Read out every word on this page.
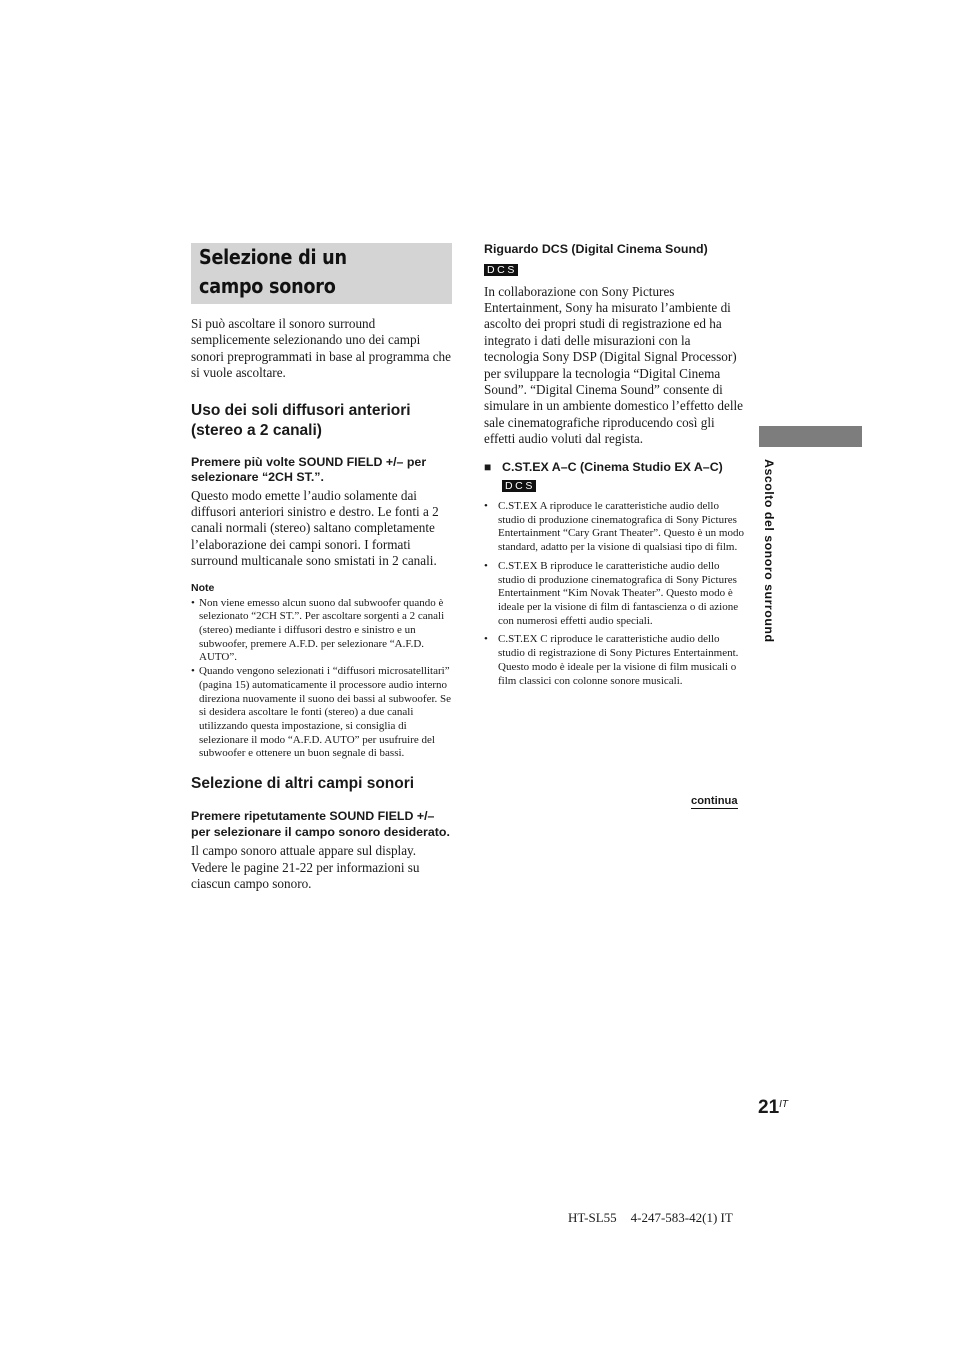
Selezione di un campo sonoro

Si può ascoltare il sonoro surround semplicemente selezionando uno dei campi sonori preprogrammati in base al programma che si vuole ascoltare.

Uso dei soli diffusori anteriori (stereo a 2 canali)

Premere più volte SOUND FIELD +/– per selezionare “2CH ST.”.

Questo modo emette l’audio solamente dai diffusori anteriori sinistro e destro. Le fonti a 2 canali normali (stereo) saltano completamente l’elaborazione dei campi sonori. I formati surround multicanale sono smistati in 2 canali.

Note

• Non viene emesso alcun suono dal subwoofer quando è selezionato “2CH ST.”. Per ascoltare sorgenti a 2 canali (stereo) mediante i diffusori destro e sinistro e un subwoofer, premere A.F.D. per selezionare “A.F.D. AUTO”.
• Quando vengono selezionati i “diffusori microsatellitari” (pagina 15) automaticamente il processore audio interno direziona nuovamente il suono dei bassi al subwoofer. Se si desidera ascoltare le fonti (stereo) a due canali utilizzando questa impostazione, si consiglia di selezionare il modo “A.F.D. AUTO” per usufruire del subwoofer e ottenere un buon segnale di bassi.

Selezione di altri campi sonori

Premere ripetutamente SOUND FIELD +/– per selezionare il campo sonoro desiderato.

Il campo sonoro attuale appare sul display. Vedere le pagine 21-22 per informazioni su ciascun campo sonoro.

Riguardo DCS (Digital Cinema Sound)

DCS

In collaborazione con Sony Pictures Entertainment, Sony ha misurato l’ambiente di ascolto dei propri studi di registrazione ed ha integrato i dati delle misurazioni con la tecnologia Sony DSP (Digital Signal Processor) per sviluppare la tecnologia “Digital Cinema Sound”. “Digital Cinema Sound” consente di simulare in un ambiente domestico l’effetto delle sale cinematografiche riproducendo così gli effetti audio voluti dal regista.

■ C.ST.EX A–C (Cinema Studio EX A–C)

DCS
• C.ST.EX A riproduce le caratteristiche audio dello studio di produzione cinematografica di Sony Pictures Entertainment “Cary Grant Theater”. Questo è un modo standard, adatto per la visione di qualsiasi tipo di film.
• C.ST.EX B riproduce le caratteristiche audio dello studio di produzione cinematografica di Sony Pictures Entertainment “Kim Novak Theater”. Questo modo è ideale per la visione di film di fantascienza o di azione con numerosi effetti audio speciali.
• C.ST.EX C riproduce le caratteristiche audio dello studio di registrazione di Sony Pictures Entertainment. Questo modo è ideale per la visione di film musicali o film classici con colonne sonore musicali.
Ascolto del sonoro surround
continua
$21^{IT}$
HT-SL55 4-247-583-42(1) IT
